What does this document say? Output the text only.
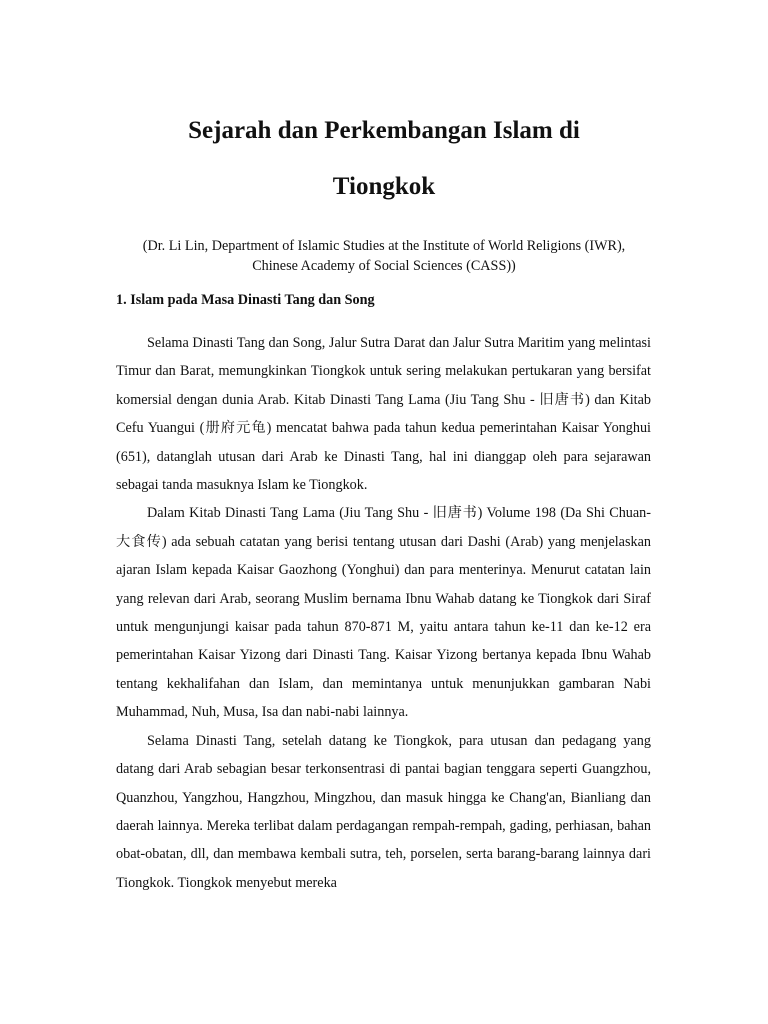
Sejarah dan Perkembangan Islam di
Tiongkok
(Dr. Li Lin, Department of Islamic Studies at the Institute of World Religions (IWR),
Chinese Academy of Social Sciences (CASS))
1. Islam pada Masa Dinasti Tang dan Song

Selama Dinasti Tang dan Song, Jalur Sutra Darat dan Jalur Sutra Maritim yang melintasi Timur dan Barat, memungkinkan Tiongkok untuk sering melakukan pertukaran yang bersifat komersial dengan dunia Arab. Kitab Dinasti Tang Lama (Jiu Tang Shu - 旧唐书) dan Kitab Cefu Yuangui (册府元龟) mencatat bahwa pada tahun kedua pemerintahan Kaisar Yonghui (651), datanglah utusan dari Arab ke Dinasti Tang, hal ini dianggap oleh para sejarawan sebagai tanda masuknya Islam ke Tiongkok.

Dalam Kitab Dinasti Tang Lama (Jiu Tang Shu - 旧唐书) Volume 198 (Da Shi Chuan- 大食传) ada sebuah catatan yang berisi tentang utusan dari Dashi (Arab) yang menjelaskan ajaran Islam kepada Kaisar Gaozhong (Yonghui) dan para menterinya. Menurut catatan lain yang relevan dari Arab, seorang Muslim bernama Ibnu Wahab datang ke Tiongkok dari Siraf untuk mengunjungi kaisar pada tahun 870-871 M, yaitu antara tahun ke-11 dan ke-12 era pemerintahan Kaisar Yizong dari Dinasti Tang. Kaisar Yizong bertanya kepada Ibnu Wahab tentang kekhalifahan dan Islam, dan memintanya untuk menunjukkan gambaran Nabi Muhammad, Nuh, Musa, Isa dan nabi-nabi lainnya.

Selama Dinasti Tang, setelah datang ke Tiongkok, para utusan dan pedagang yang datang dari Arab sebagian besar terkonsentrasi di pantai bagian tenggara seperti Guangzhou, Quanzhou, Yangzhou, Hangzhou, Mingzhou, dan masuk hingga ke Chang'an, Bianliang dan daerah lainnya. Mereka terlibat dalam perdagangan rempah-rempah, gading, perhiasan, bahan obat-obatan, dll, dan membawa kembali sutra, teh, porselen, serta barang-barang lainnya dari Tiongkok. Tiongkok menyebut mereka
